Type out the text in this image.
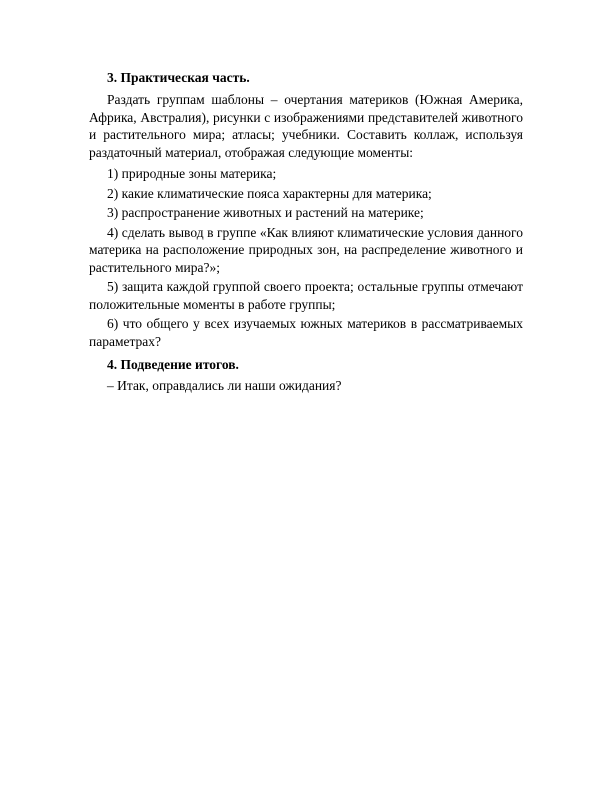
3. Практическая часть.

Раздать группам шаблоны – очертания материков (Южная Америка, Африка, Австралия), рисунки с изображениями представителей животного и растительного мира; атласы; учебники. Составить коллаж, используя раздаточный материал, отображая следующие моменты:

1) природные зоны материка;
2) какие климатические пояса характерны для материка;
3) распространение животных и растений на материке;
4) сделать вывод в группе «Как влияют климатические условия данного материка на расположение природных зон, на распределение животного и растительного мира?»;
5) защита каждой группой своего проекта; остальные группы отмечают положительные моменты в работе группы;
6) что общего у всех изучаемых южных материков в рассматриваемых параметрах?

4. Подведение итогов.

– Итак, оправдались ли наши ожидания?
